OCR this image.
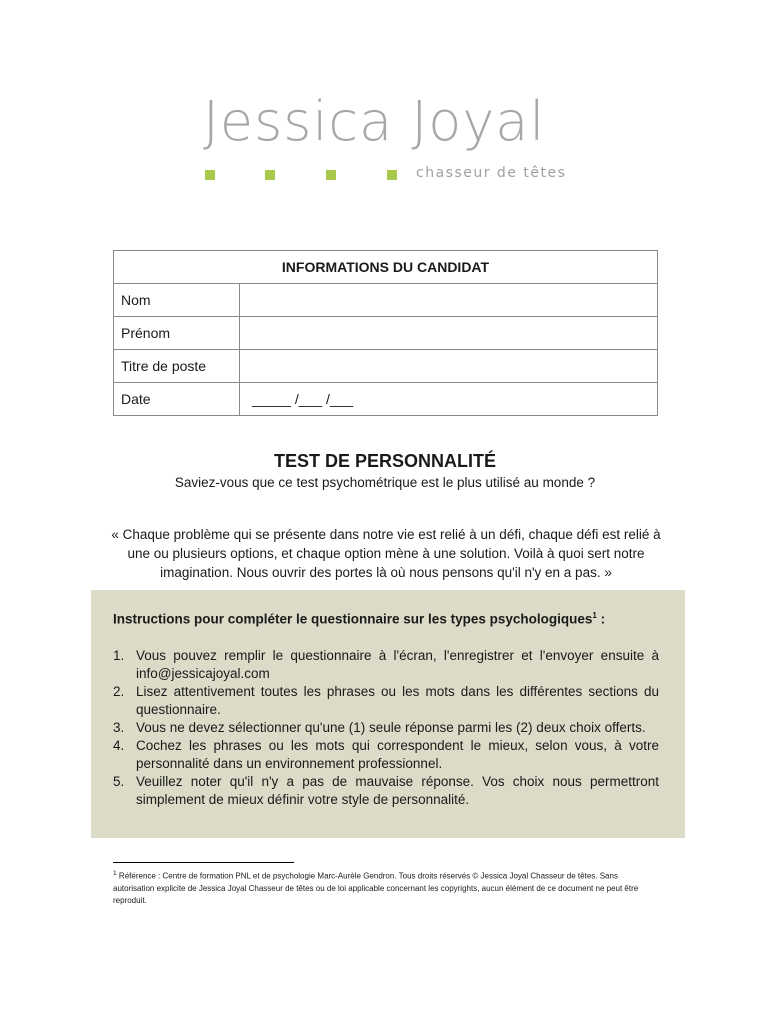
Jessica Joyal
chasseur de têtes
INFORMATIONS DU CANDIDAT	
Nom	
Prénom	
Titre de poste	
Date	_____ /___ /___
TEST DE PERSONNALITÉ
Saviez-vous que ce test psychométrique est le plus utilisé au monde ?
« Chaque problème qui se présente dans notre vie est relié à un défi, chaque défi est relié à une ou plusieurs options, et chaque option mène à une solution. Voilà à quoi sert notre imagination. Nous ouvrir des portes là où nous pensons qu'il n'y en a pas. »
Instructions pour compléter le questionnaire sur les types psychologiques$^1$ :
1. Vous pouvez remplir le questionnaire à l'écran, l'enregistrer et l'envoyer ensuite à info@jessicajoyal.com
2. Lisez attentivement toutes les phrases ou les mots dans les différentes sections du questionnaire.
3. Vous ne devez sélectionner qu'une (1) seule réponse parmi les (2) deux choix offerts.
4. Cochez les phrases ou les mots qui correspondent le mieux, selon vous, à votre personnalité dans un environnement professionnel.
5. Veuillez noter qu'il n'y a pas de mauvaise réponse. Vos choix nous permettront simplement de mieux définir votre style de personnalité.
$^1$ Référence : Centre de formation PNL et de psychologie Marc-Aurèle Gendron. Tous droits réservés © Jessica Joyal Chasseur de têtes. Sans autorisation explicite de Jessica Joyal Chasseur de têtes ou de loi applicable concernant les copyrights, aucun élément de ce document ne peut être reproduit.
